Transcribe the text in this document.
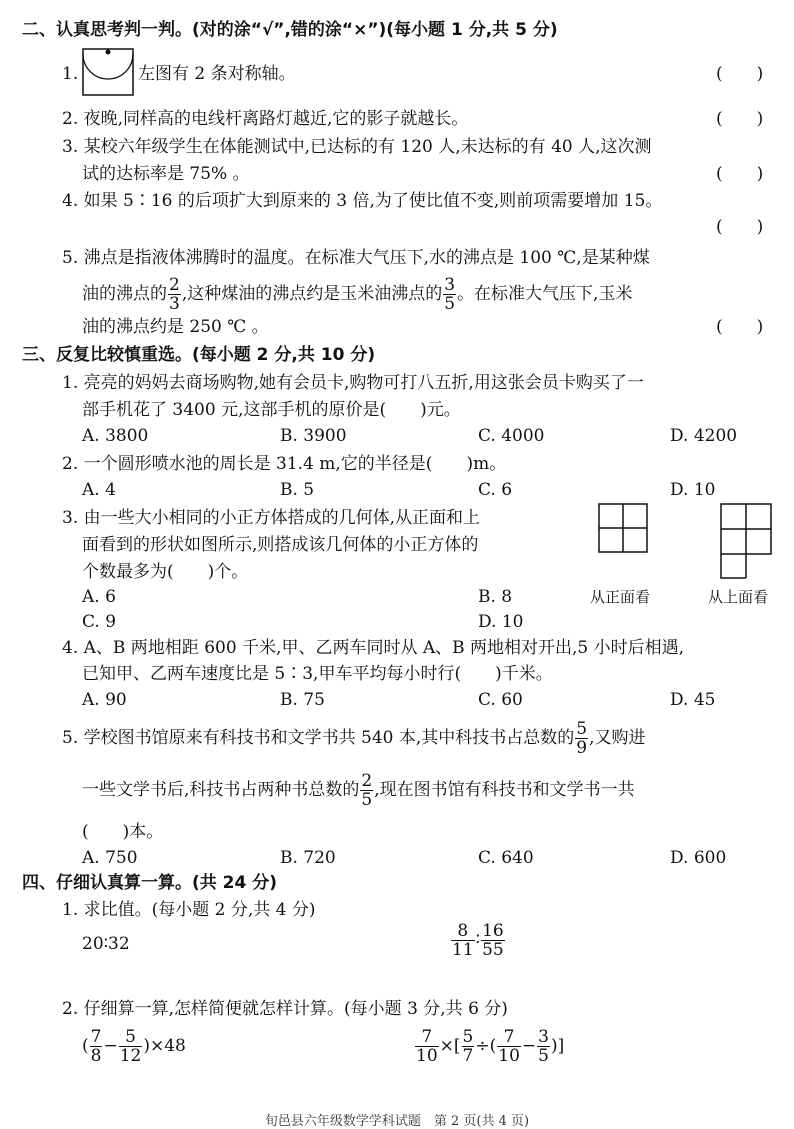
二、认真思考判一判。(对的涂“√”,错的涂“×”)(每小题 1 分,共 5 分)
1.	左图有 2 条对称轴。	(　　)
2. 夜晚,同样高的电线杆离路灯越近,它的影子就越长。	(　　)
3. 某校六年级学生在体能测试中,已达标的有 120 人,未达标的有 40 人,这次测
试的达标率是 75% 。	(　　)
4. 如果 5∶16 的后项扩大到原来的 3 倍,为了使比值不变,则前项需要增加 15。
(　　)
5. 沸点是指液体沸腾时的温度。在标准大气压下,水的沸点是 100 ℃,是某种煤
油的沸点的 $\frac{2}{3}$ ,这种煤油的沸点约是玉米油沸点的 $\frac{3}{5}$ 。在标准大气压下,玉米
油的沸点约是 250 ℃ 。	(　　)
三、反复比较慎重选。(每小题 2 分,共 10 分)
1. 亮亮的妈妈去商场购物,她有会员卡,购物可打八五折,用这张会员卡购买了一
部手机花了 3400 元,这部手机的原价是(　　)元。
A. 3800	B. 3900	C. 4000	D. 4200
2. 一个圆形喷水池的周长是 31.4 m,它的半径是(　　)m。
A. 4	B. 5	C. 6	D. 10
3. 由一些大小相同的小正方体搭成的几何体,从正面和上
面看到的形状如图所示,则搭成该几何体的小正方体的
个数最多为(　　)个。
A. 6	B. 8	从正面看	从上面看
C. 9	D. 10
4. A、B 两地相距 600 千米,甲、乙两车同时从 A、B 两地相对开出,5 小时后相遇,
已知甲、乙两车速度比是 5∶3,甲车平均每小时行(　　)千米。
A. 90	B. 75	C. 60	D. 45
5. 学校图书馆原来有科技书和文学书共 540 本,其中科技书占总数的 $\frac{5}{9}$ ,又购进
一些文学书后,科技书占两种书总数的 $\frac{2}{5}$ ,现在图书馆有科技书和文学书一共
(　　)本。
A. 750	B. 720	C. 640	D. 600
四、仔细认真算一算。(共 24 分)
1. 求比值。(每小题 2 分,共 4 分)
20∶32	$\frac{8}{11}$ ∶ $\frac{16}{55}$
2. 仔细算一算,怎样简便就怎样计算。(每小题 3 分,共 6 分)
( $\frac{7}{8} - \frac{5}{12} )\times 48$	$\frac{7}{10}$ ×[ $\frac{5}{7}$ ÷( $\frac{7}{10} - \frac{3}{5}$ )]
旬邑县六年级数学学科试题　第 2 页(共 4 页)
